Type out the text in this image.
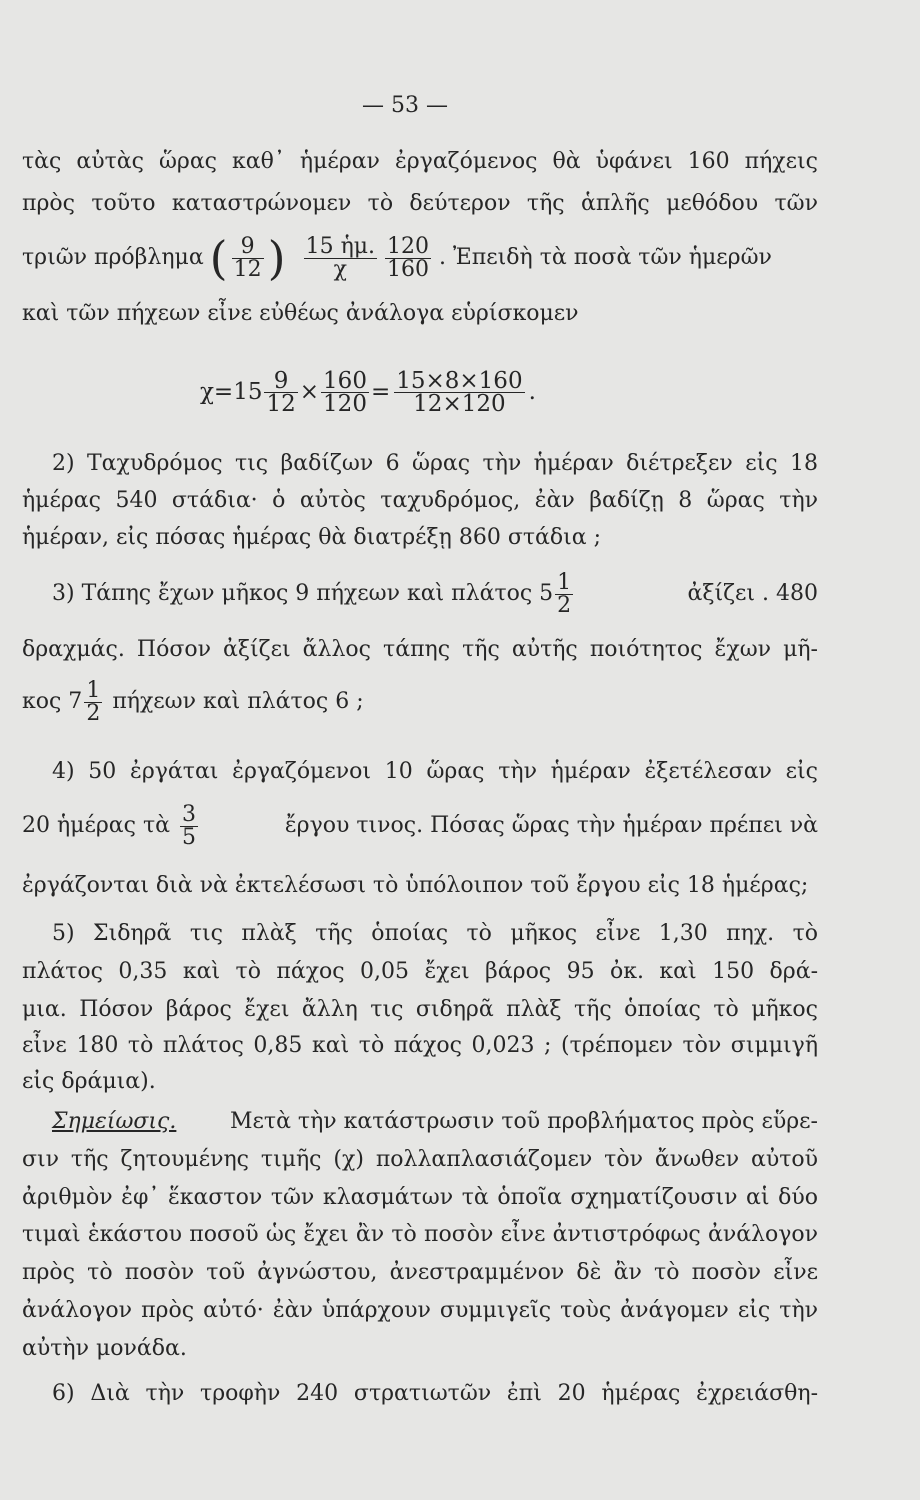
— 53 —
τὰς αὐτὰς ὥρας καθ᾽ ἡμέραν ἐργαζόμενος θὰ ὑφάνει 160 πήχεις
πρὸς τοῦτο καταστρώνομεν τὸ δεύτερον τῆς ἁπλῆς μεθόδου τῶν
τριῶν πρόβλημα ( $\frac{9}{12}$ ) $\frac{\text{15 ἡμ.}}{\chi} \frac{120}{160}$ . Ἐπειδὴ τὰ ποσὰ τῶν ἡμερῶν
καὶ τῶν πήχεων εἶνε εὐθέως ἀνάλογα εὑρίσκομεν
$\chi=15 \frac{9}{12} \times \frac{160}{120} = \frac{15\times 8\times 160}{12\times 120}$ .
2) Ταχυδρόμος τις βαδίζων 6 ὥρας τὴν ἡμέραν διέτρεξεν εἰς 18
ἡμέρας 540 στάδια· ὁ αὐτὸς ταχυδρόμος, ἐὰν βαδίζῃ 8 ὥρας τὴν
ἡμέραν, εἰς πόσας ἡμέρας θὰ διατρέξῃ 860 στάδια ;
3) Τάπης ἔχων μῆκος 9 πήχεων καὶ πλάτος $5 \frac{1}{2}$	ἀξίζει . 480
δραχμάς. Πόσον ἀξίζει ἄλλος τάπης τῆς αὐτῆς ποιότητος ἔχων μῆ-
κος $7 \frac{1}{2}$ πήχεων καὶ πλάτος 6 ;
4) 50 ἐργάται ἐργαζόμενοι 10 ὥρας τὴν ἡμέραν ἐξετέλεσαν εἰς
20 ἡμέρας τὰ $\frac{3}{5}$	ἔργου τινος. Πόσας ὥρας τὴν ἡμέραν πρέπει νὰ
ἐργάζονται διὰ νὰ ἐκτελέσωσι τὸ ὑπόλοιπον τοῦ ἔργου εἰς 18 ἡμέρας;
5) Σιδηρᾶ τις πλὰξ τῆς ὁποίας τὸ μῆκος εἶνε 1,30 πηχ. τὸ
πλάτος 0,35 καὶ τὸ πάχος 0,05 ἔχει βάρος 95 ὀκ. καὶ 150 δρά-
μια. Πόσον βάρος ἔχει ἄλλη τις σιδηρᾶ πλὰξ τῆς ὁποίας τὸ μῆκος
εἶνε 180 τὸ πλάτος 0,85 καὶ τὸ πάχος 0,023 ; (τρέπομεν τὸν σιμμιγῆ
εἰς δράμια).
Σημείωσις. Μετὰ τὴν κατάστρωσιν τοῦ προβλήματος πρὸς εὕρε-
σιν τῆς ζητουμένης τιμῆς (χ) πολλαπλασιάζομεν τὸν ἄνωθεν αὐτοῦ
ἀριθμὸν ἐφ᾽ ἕκαστον τῶν κλασμάτων τὰ ὁποῖα σχηματίζουσιν αἱ δύο
τιμαὶ ἑκάστου ποσοῦ ὡς ἔχει ἂν τὸ ποσὸν εἶνε ἀντιστρόφως ἀνάλογον
πρὸς τὸ ποσὸν τοῦ ἀγνώστου, ἀνεστραμμένον δὲ ἂν τὸ ποσὸν εἶνε
ἀνάλογον πρὸς αὐτό· ἐὰν ὑπάρχουν συμμιγεῖς τοὺς ἀνάγομεν εἰς τὴν
αὐτὴν μονάδα.
6) Διὰ τὴν τροφὴν 240 στρατιωτῶν ἐπὶ 20 ἡμέρας ἐχρειάσθη-
